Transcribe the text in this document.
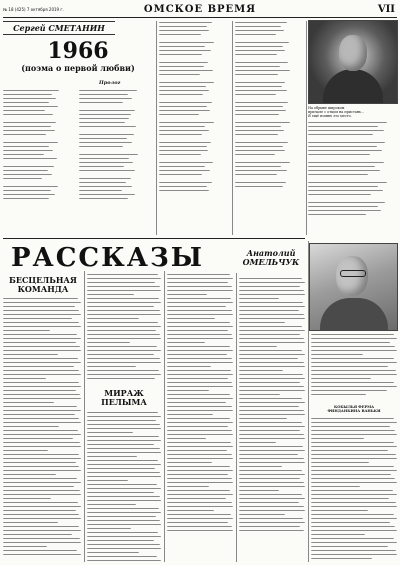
№ 18 (425) 7 октября 2019 г.	ОМСКОЕ ВРЕМЯ	VII
Сергей СМЕТАНИН
1966
(поэма о первой любви)
Пролог
На обрыве широком
причале с отцом на пристань...
Я ещё помню это место.
РАССКАЗЫ	Анатолий
ОМЕЛЬЧУК
БЕСЦЕЛЬНАЯ КОМАНДА
МИРАЖ ПЕЛЫМА	КОБЫЛЬЯ ФЕРМА
ФИНДАНКИНА ВАНЬКИ
